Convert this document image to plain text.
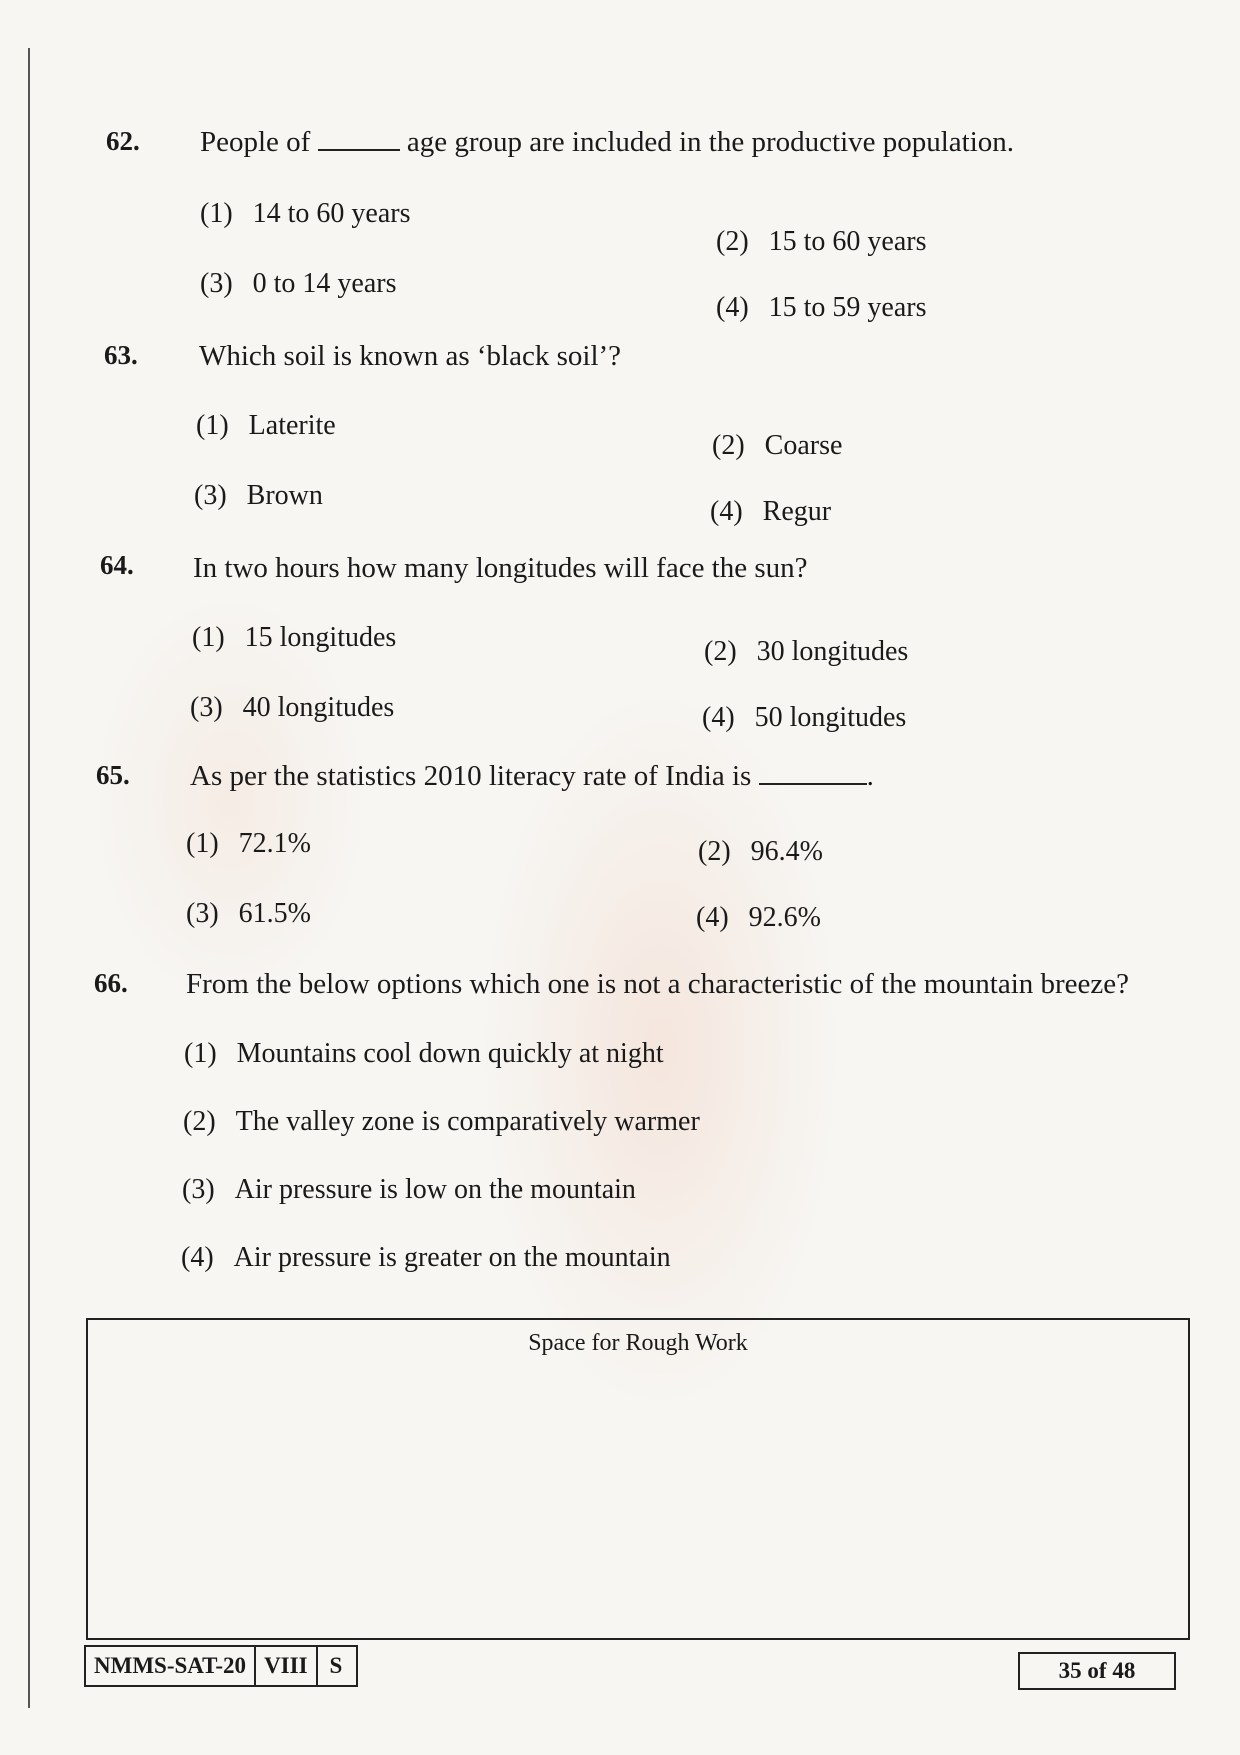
62. People of	age group are included in the productive population.
(1) 14 to 60 years
(2) 15 to 60 years
(3) 0 to 14 years
(4) 15 to 59 years
63. Which soil is known as ‘black soil’?
(1) Laterite
(2) Coarse
(3) Brown
(4) Regur
64. In two hours how many longitudes will face the sun?
(1) 15 longitudes	(2) 30 longitudes
(3) 40 longitudes	(4) 50 longitudes
65. As per the statistics 2010 literacy rate of India is	.
(1) 72.1%	(2) 96.4%
(3) 61.5%	(4) 92.6%
66. From the below options which one is not a characteristic of the mountain breeze?
(1) Mountains cool down quickly at night
(2) The valley zone is comparatively warmer
(3) Air pressure is low on the mountain
(4) Air pressure is greater on the mountain
Space for Rough Work
NMMS-SAT-20 VIII S	35 of 48
